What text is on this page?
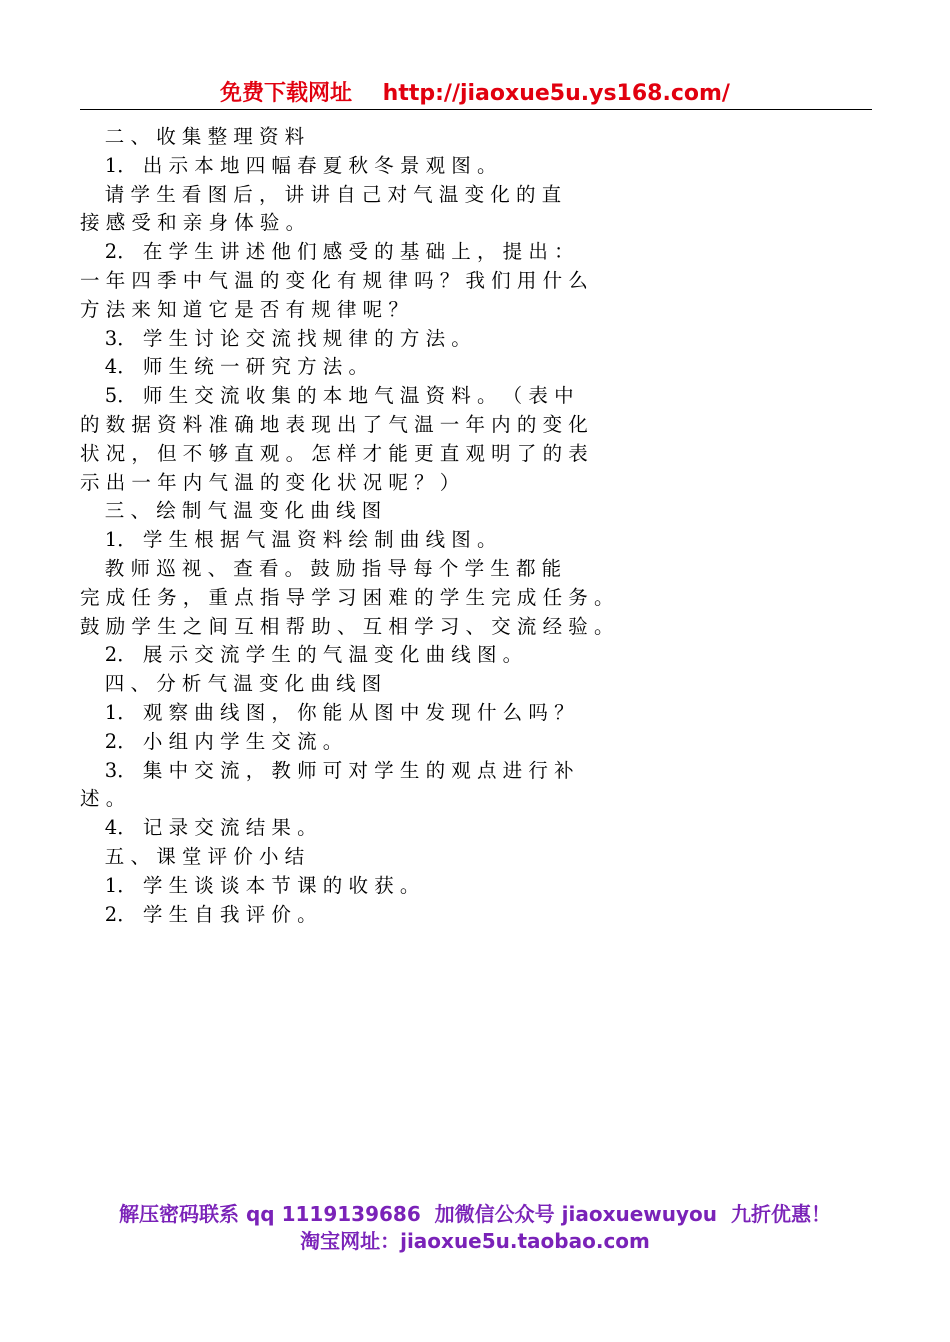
免费下载网址    http://jiaoxue5u.ys168.com/
二 、 收 集 整 理 资 料
1． 出 示 本 地 四 幅 春 夏 秋 冬 景 观 图 。
请 学 生 看 图 后 ， 讲 讲 自 己 对 气 温 变 化 的 直
接 感 受 和 亲 身 体 验 。
2． 在 学 生 讲 述 他 们 感 受 的 基 础 上 ， 提 出 ：
一 年 四 季 中 气 温 的 变 化 有 规 律 吗 ？ 我 们 用 什 么
方 法 来 知 道 它 是 否 有 规 律 呢 ？
3． 学 生 讨 论 交 流 找 规 律 的 方 法 。
4． 师 生 统 一 研 究 方 法 。
5． 师 生 交 流 收 集 的 本 地 气 温 资 料 。 （ 表 中
的 数 据 资 料 准 确 地 表 现 出 了 气 温 一 年 内 的 变 化
状 况 ， 但 不 够 直 观 。 怎 样 才 能 更 直 观 明 了 的 表
示 出 一 年 内 气 温 的 变 化 状 况 呢 ？ ）
三 、 绘 制 气 温 变 化 曲 线 图
1． 学 生 根 据 气 温 资 料 绘 制 曲 线 图 。
教 师 巡 视 、 查 看 。 鼓 励 指 导 每 个 学 生 都 能
完 成 任 务 ， 重 点 指 导 学 习 困 难 的 学 生 完 成 任 务 。
鼓 励 学 生 之 间 互 相 帮 助 、 互 相 学 习 、 交 流 经 验 。
2． 展 示 交 流 学 生 的 气 温 变 化 曲 线 图 。
四 、 分 析 气 温 变 化 曲 线 图
1． 观 察 曲 线 图 ， 你 能 从 图 中 发 现 什 么 吗 ？
2． 小 组 内 学 生 交 流 。
3． 集 中 交 流 ， 教 师 可 对 学 生 的 观 点 进 行 补
述 。
4． 记 录 交 流 结 果 。
五 、 课 堂 评 价 小 结
1． 学 生 谈 谈 本 节 课 的 收 获 。
2． 学 生 自 我 评 价 。
解压密码联系 qq 1119139686  加微信公众号 jiaoxuewuyou  九折优惠！
淘宝网址：jiaoxue5u.taobao.com
